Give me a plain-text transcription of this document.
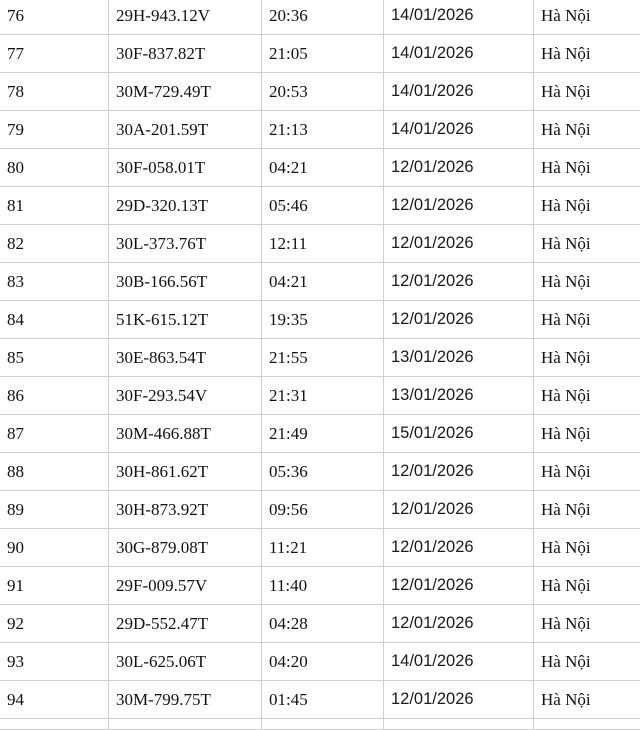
76	29H-943.12V	20:36	14/01/2026	Hà Nội
77	30F-837.82T	21:05	14/01/2026	Hà Nội
78	30M-729.49T	20:53	14/01/2026	Hà Nội
79	30A-201.59T	21:13	14/01/2026	Hà Nội
80	30F-058.01T	04:21	12/01/2026	Hà Nội
81	29D-320.13T	05:46	12/01/2026	Hà Nội
82	30L-373.76T	12:11	12/01/2026	Hà Nội
83	30B-166.56T	04:21	12/01/2026	Hà Nội
84	51K-615.12T	19:35	12/01/2026	Hà Nội
85	30E-863.54T	21:55	13/01/2026	Hà Nội
86	30F-293.54V	21:31	13/01/2026	Hà Nội
87	30M-466.88T	21:49	15/01/2026	Hà Nội
88	30H-861.62T	05:36	12/01/2026	Hà Nội
89	30H-873.92T	09:56	12/01/2026	Hà Nội
90	30G-879.08T	11:21	12/01/2026	Hà Nội
91	29F-009.57V	11:40	12/01/2026	Hà Nội
92	29D-552.47T	04:28	12/01/2026	Hà Nội
93	30L-625.06T	04:20	14/01/2026	Hà Nội
94	30M-799.75T	01:45	12/01/2026	Hà Nội
